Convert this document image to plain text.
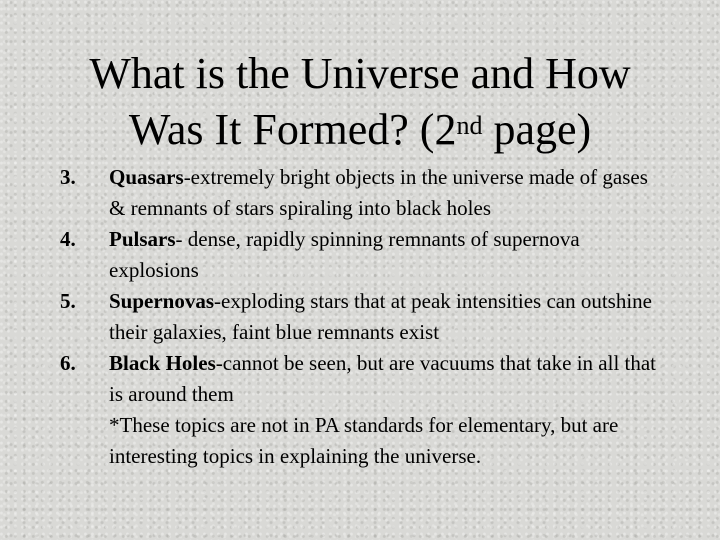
What is the Universe and How
Was It Formed? (2nd page)
3.	Quasars-extremely bright objects in the universe made of gases & remnants of stars spiraling into black holes
4.	Pulsars- dense, rapidly spinning remnants of supernova explosions
5.	Supernovas-exploding stars that at peak intensities can outshine their galaxies, faint blue remnants exist
6.	Black Holes-cannot be seen, but are vacuums that take in all that is around them
*These topics are not in PA standards for elementary, but are interesting topics in explaining the universe.
